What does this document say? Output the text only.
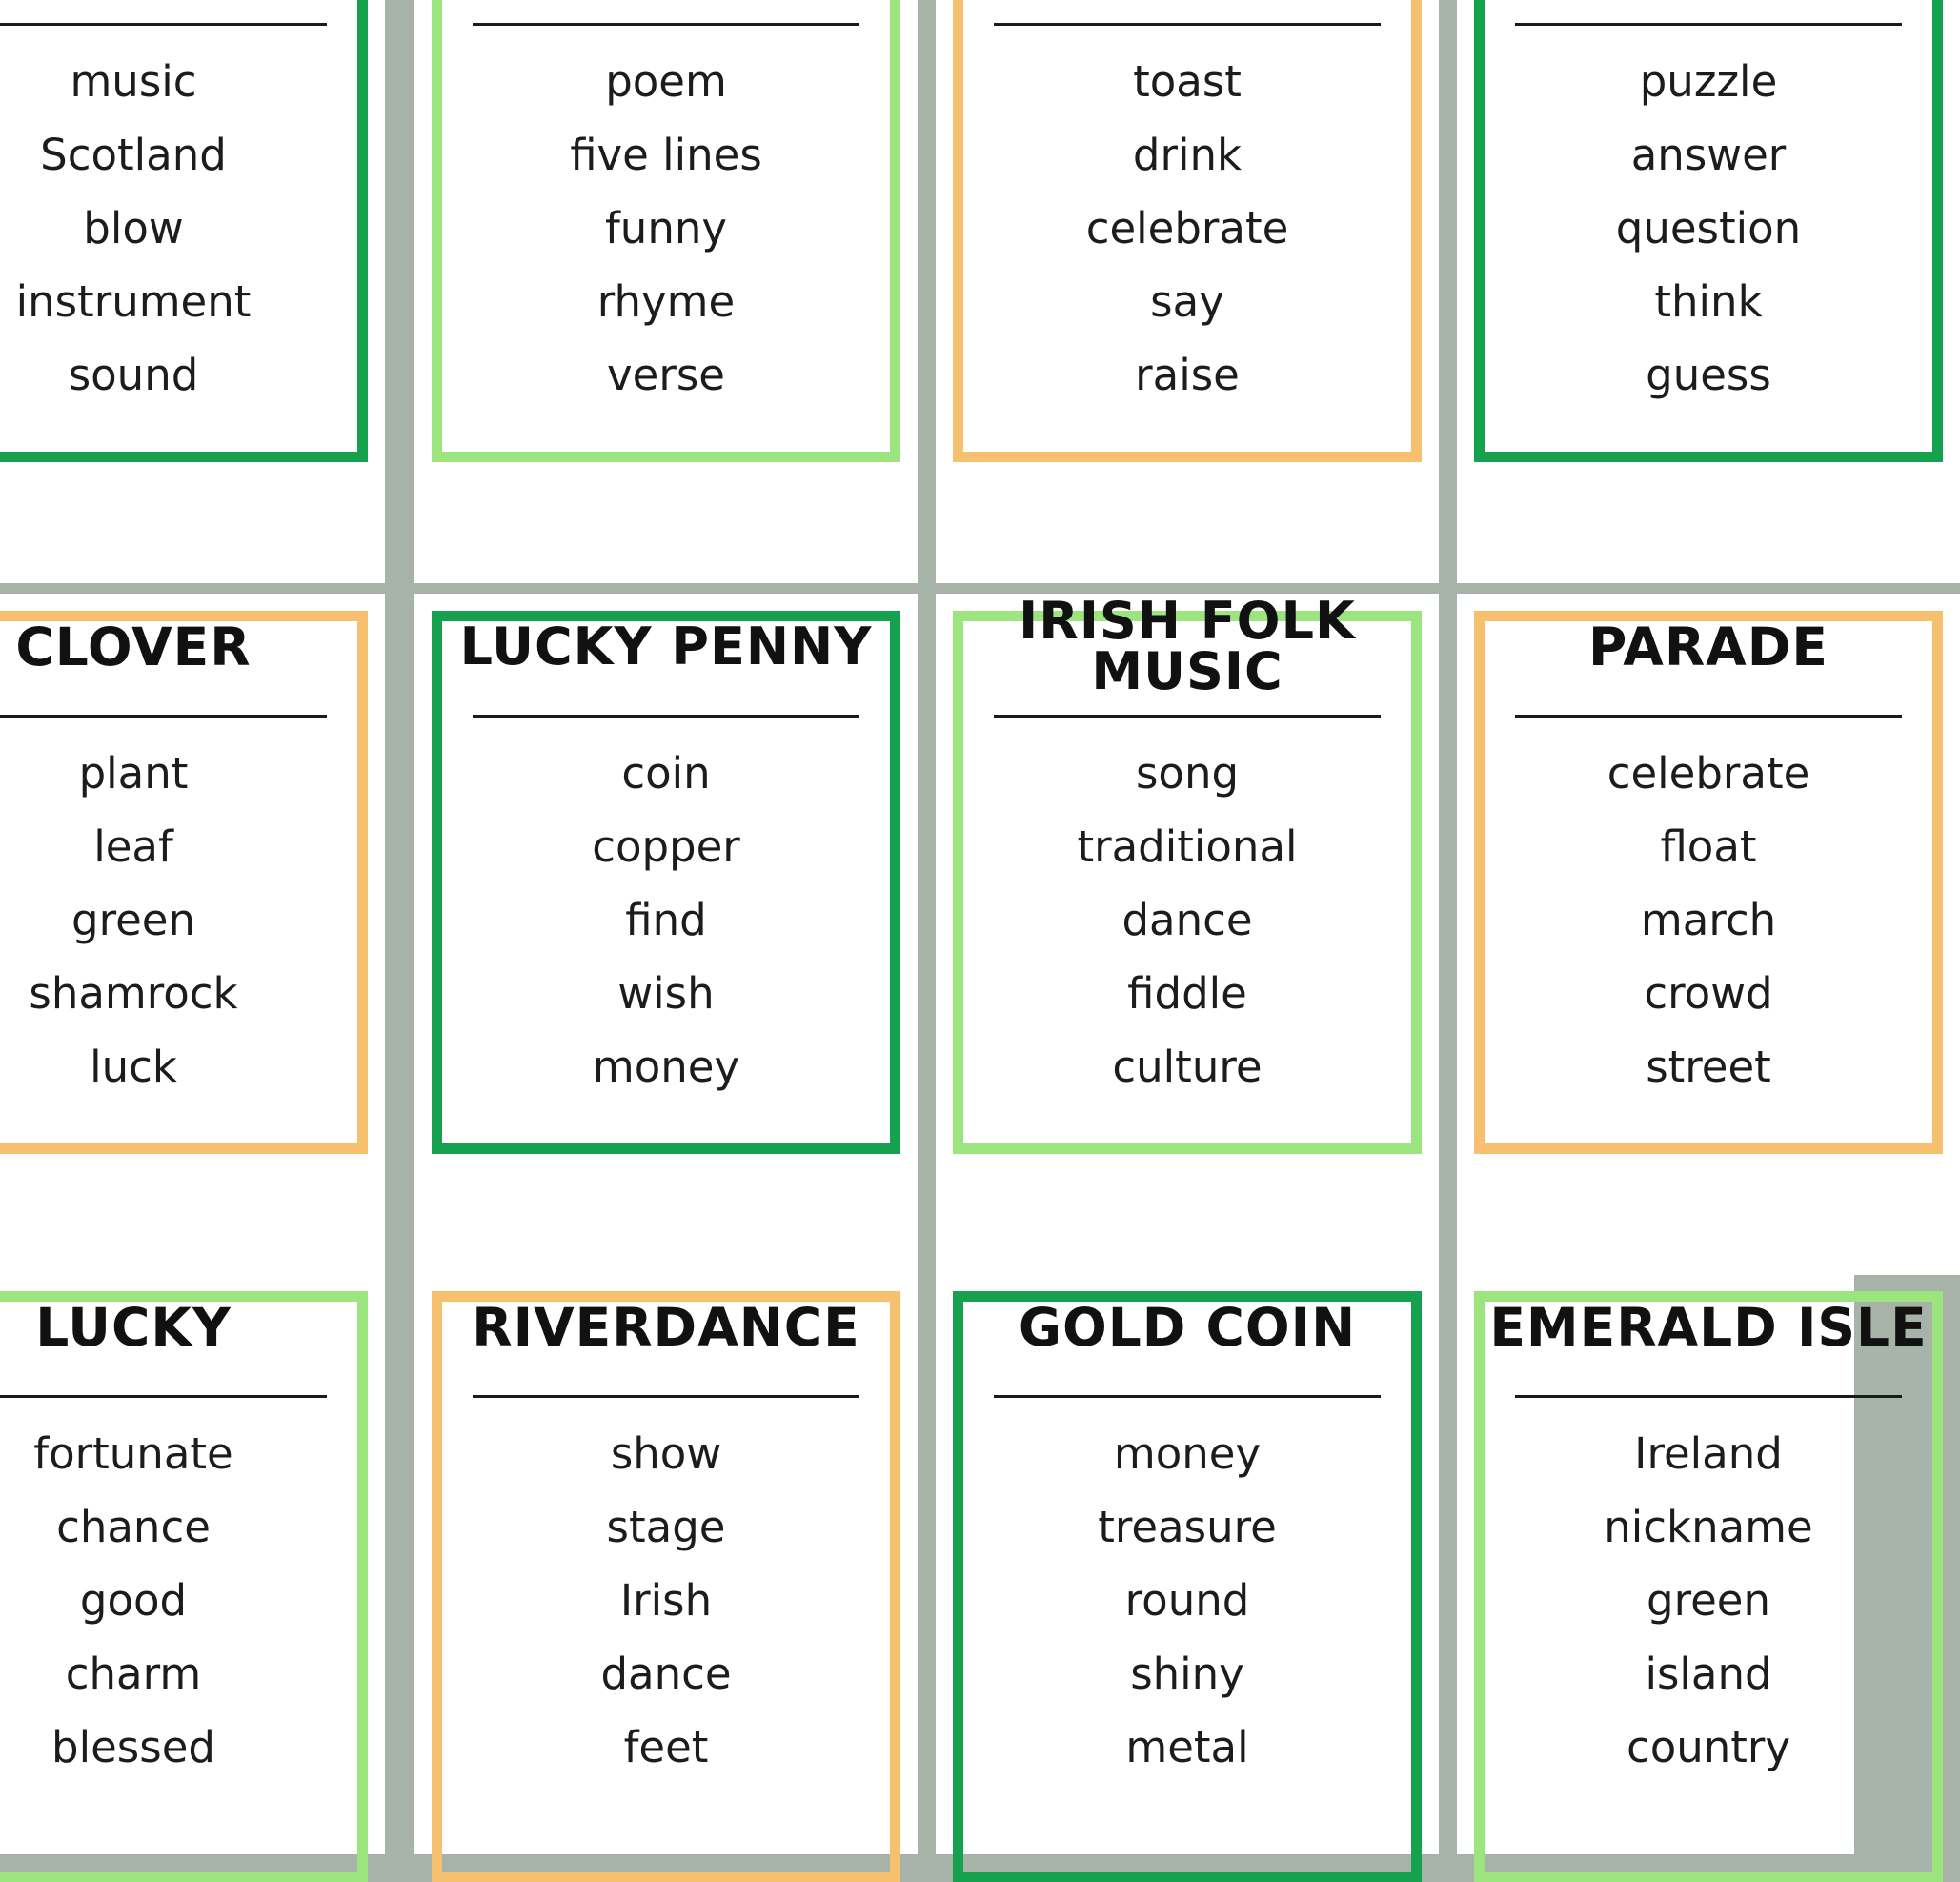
music
Scotland
blow
instrument
sound
poem
five lines
funny
rhyme
verse
toast
drink
celebrate
say
raise
puzzle
answer
question
think
guess
CLOVER
plant
leaf
green
shamrock
luck
LUCKY PENNY
coin
copper
find
wish
money
IRISH FOLK MUSIC
song
traditional
dance
fiddle
culture
PARADE
celebrate
float
march
crowd
street
LUCKY
fortunate
chance
good
charm
blessed
RIVERDANCE
show
stage
Irish
dance
feet
GOLD COIN
money
treasure
round
shiny
metal
EMERALD ISLE
Ireland
nickname
green
island
country
